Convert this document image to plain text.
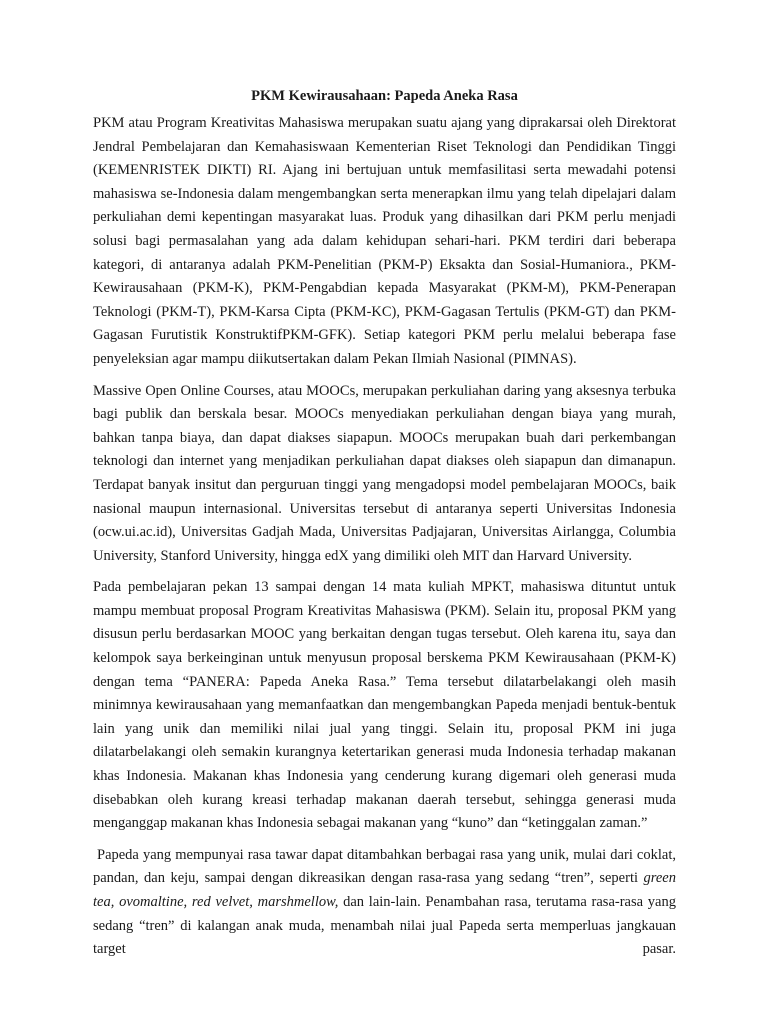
PKM Kewirausahaan: Papeda Aneka Rasa

PKM atau Program Kreativitas Mahasiswa merupakan suatu ajang yang diprakarsai oleh Direktorat Jendral Pembelajaran dan Kemahasiswaan Kementerian Riset Teknologi dan Pendidikan Tinggi (KEMENRISTEK DIKTI) RI. Ajang ini bertujuan untuk memfasilitasi serta mewadahi potensi mahasiswa se-Indonesia dalam mengembangkan serta menerapkan ilmu yang telah dipelajari dalam perkuliahan demi kepentingan masyarakat luas. Produk yang dihasilkan dari PKM perlu menjadi solusi bagi permasalahan yang ada dalam kehidupan sehari-hari. PKM terdiri dari beberapa kategori, di antaranya adalah PKM-Penelitian (PKM-P) Eksakta dan Sosial-Humaniora., PKM-Kewirausahaan (PKM-K), PKM-Pengabdian kepada Masyarakat (PKM-M), PKM-Penerapan Teknologi (PKM-T), PKM-Karsa Cipta (PKM-KC), PKM-Gagasan Tertulis (PKM-GT) dan PKM-Gagasan Furutistik KonstruktifPKM-GFK). Setiap kategori PKM perlu melalui beberapa fase penyeleksian agar mampu diikutsertakan dalam Pekan Ilmiah Nasional (PIMNAS).

Massive Open Online Courses, atau MOOCs, merupakan perkuliahan daring yang aksesnya terbuka bagi publik dan berskala besar. MOOCs menyediakan perkuliahan dengan biaya yang murah, bahkan tanpa biaya, dan dapat diakses siapapun. MOOCs merupakan buah dari perkembangan teknologi dan internet yang menjadikan perkuliahan dapat diakses oleh siapapun dan dimanapun. Terdapat banyak insitut dan perguruan tinggi yang mengadopsi model pembelajaran MOOCs, baik nasional maupun internasional. Universitas tersebut di antaranya seperti Universitas Indonesia (ocw.ui.ac.id), Universitas Gadjah Mada, Universitas Padjajaran, Universitas Airlangga, Columbia University, Stanford University, hingga edX yang dimiliki oleh MIT dan Harvard University.

Pada pembelajaran pekan 13 sampai dengan 14 mata kuliah MPKT, mahasiswa dituntut untuk mampu membuat proposal Program Kreativitas Mahasiswa (PKM). Selain itu, proposal PKM yang disusun perlu berdasarkan MOOC yang berkaitan dengan tugas tersebut. Oleh karena itu, saya dan kelompok saya berkeinginan untuk menyusun proposal berskema PKM Kewirausahaan (PKM-K) dengan tema “PANERA: Papeda Aneka Rasa.” Tema tersebut dilatarbelakangi oleh masih minimnya kewirausahaan yang memanfaatkan dan mengembangkan Papeda menjadi bentuk-bentuk lain yang unik dan memiliki nilai jual yang tinggi. Selain itu, proposal PKM ini juga dilatarbelakangi oleh semakin kurangnya ketertarikan generasi muda Indonesia terhadap makanan khas Indonesia. Makanan khas Indonesia yang cenderung kurang digemari oleh generasi muda disebabkan oleh kurang kreasi terhadap makanan daerah tersebut, sehingga generasi muda menganggap makanan khas Indonesia sebagai makanan yang “kuno” dan “ketinggalan zaman.”

Papeda yang mempunyai rasa tawar dapat ditambahkan berbagai rasa yang unik, mulai dari coklat, pandan, dan keju, sampai dengan dikreasikan dengan rasa-rasa yang sedang “tren”, seperti green tea, ovomaltine, red velvet, marshmellow, dan lain-lain. Penambahan rasa, terutama rasa-rasa yang sedang “tren” di kalangan anak muda, menambah nilai jual Papeda serta memperluas jangkauan target pasar.
